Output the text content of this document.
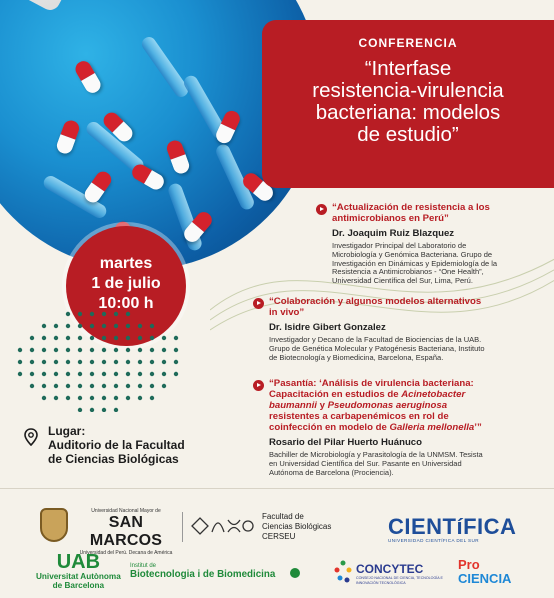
CONFERENCIA
“Interfase
resistencia-virulencia
bacteriana: modelos
de estudio”
martes
1 de julio
10:00 h
“Actualización de resistencia a los
antimicrobianos en Perú”
Dr. Joaquim Ruiz Blazquez
Investigador Principal del Laboratorio de
Microbiología y Genómica Bacteriana. Grupo de
Investigación en Dinámicas y Epidemiología de la
Resistencia a Antimicrobianos - “One Health”,
Universidad Científica del Sur, Lima, Perú.
“Colaboración y algunos modelos alternativos
in vivo”
Dr. Isidre Gibert Gonzalez
Investigador y Decano de la Facultad de Biociencias de la UAB.
Grupo de Genética Molecular y Patogénesis Bacteriana, Instituto
de Biotecnología y Biomedicina, Barcelona, España.
“Pasantía: ‘Análisis de virulencia bacteriana:
Capacitación en estudios de Acinetobacter
baumannii y Pseudomonas aeruginosa
resistentes a carbapenémicos en rol de
coinfección en modelo de Galleria mellonella’”
Rosario del Pilar Huerto Huánuco
Bachiller de Microbiología y Parasitología de la UNMSM. Tesista
en Universidad Científica del Sur. Pasante en Universidad
Autónoma de Barcelona (Prociencia).
Lugar:
Auditorio de la Facultad
de Ciencias Biológicas
Universidad Nacional Mayor de
SAN MARCOS
Universidad del Perú. Decana de América
Facultad de
Ciencias Biológicas
CERSEU	CIENTíFICA
UNIVERSIDAD CIENTÍFICA DEL SUR
UAB
Universitat Autònoma
de Barcelona
Institut de
Biotecnologia i de Biomedicina	CONCYTEC
CONSEJO NACIONAL DE CIENCIA, TECNOLOGÍA E INNOVACIÓN TECNOLÓGICA
Pro
CIENCIA
